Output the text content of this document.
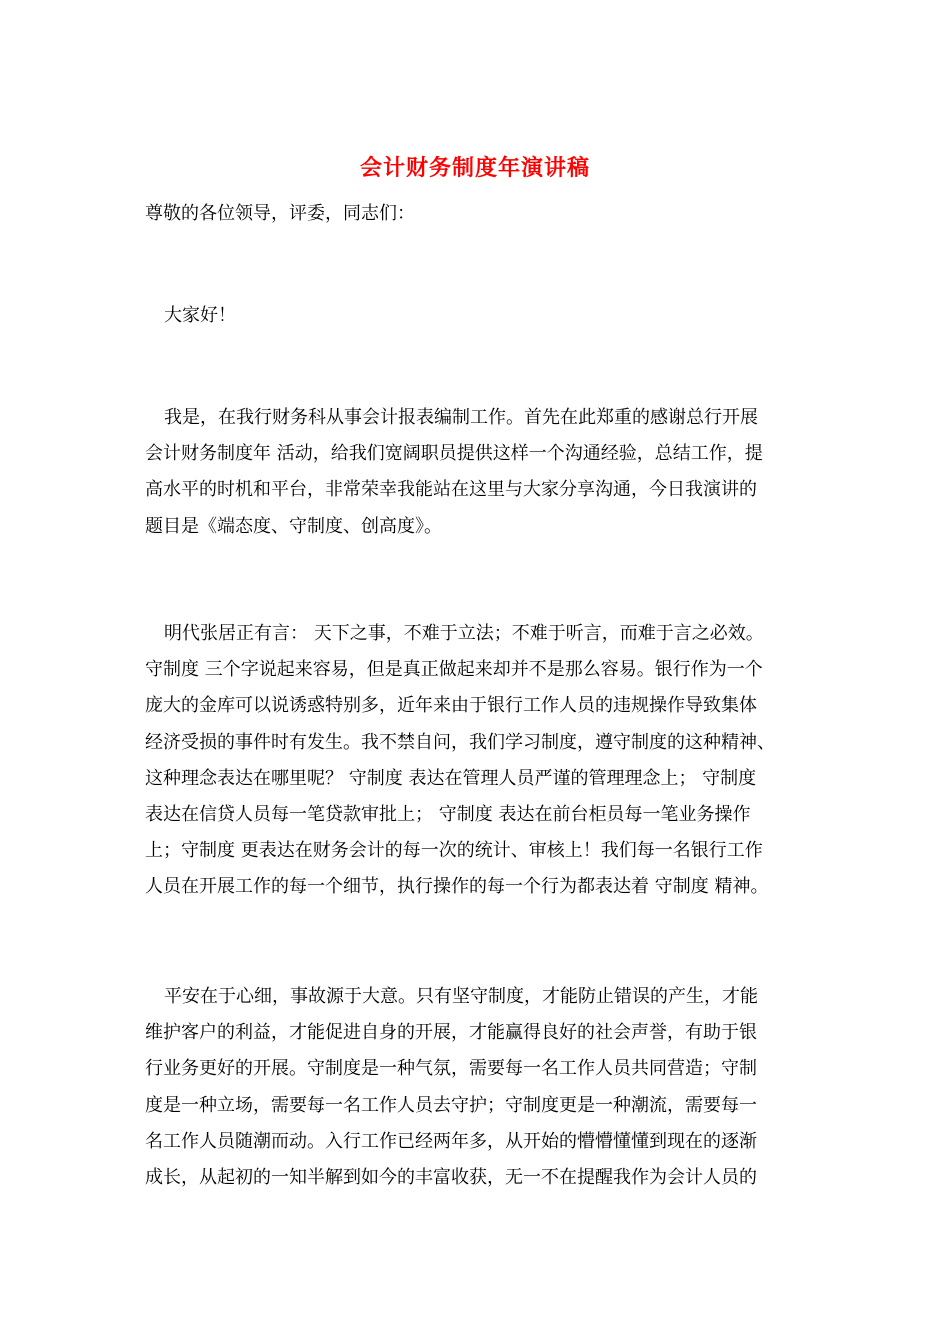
会计财务制度年演讲稿
尊敬的各位领导，评委，同志们：
大家好！
我是，在我行财务科从事会计报表编制工作。首先在此郑重的感谢总行开展
会计财务制度年 活动，给我们宽阔职员提供这样一个沟通经验，总结工作，提
高水平的时机和平台，非常荣幸我能站在这里与大家分享沟通，今日我演讲的
题目是《端态度、守制度、创高度》。
明代张居正有言： 天下之事，不难于立法；不难于听言，而难于言之必效。
守制度 三个字说起来容易，但是真正做起来却并不是那么容易。银行作为一个
庞大的金库可以说诱惑特别多，近年来由于银行工作人员的违规操作导致集体
经济受损的事件时有发生。我不禁自问，我们学习制度，遵守制度的这种精神、
这种理念表达在哪里呢？ 守制度 表达在管理人员严谨的管理理念上； 守制度
表达在信贷人员每一笔贷款审批上； 守制度 表达在前台柜员每一笔业务操作
上；守制度 更表达在财务会计的每一次的统计、审核上！我们每一名银行工作
人员在开展工作的每一个细节，执行操作的每一个行为都表达着 守制度 精神。
平安在于心细，事故源于大意。只有坚守制度，才能防止错误的产生，才能
维护客户的利益，才能促进自身的开展，才能赢得良好的社会声誉，有助于银
行业务更好的开展。守制度是一种气氛，需要每一名工作人员共同营造；守制
度是一种立场，需要每一名工作人员去守护；守制度更是一种潮流，需要每一
名工作人员随潮而动。入行工作已经两年多，从开始的懵懵懂懂到现在的逐渐
成长，从起初的一知半解到如今的丰富收获，无一不在提醒我作为会计人员的
